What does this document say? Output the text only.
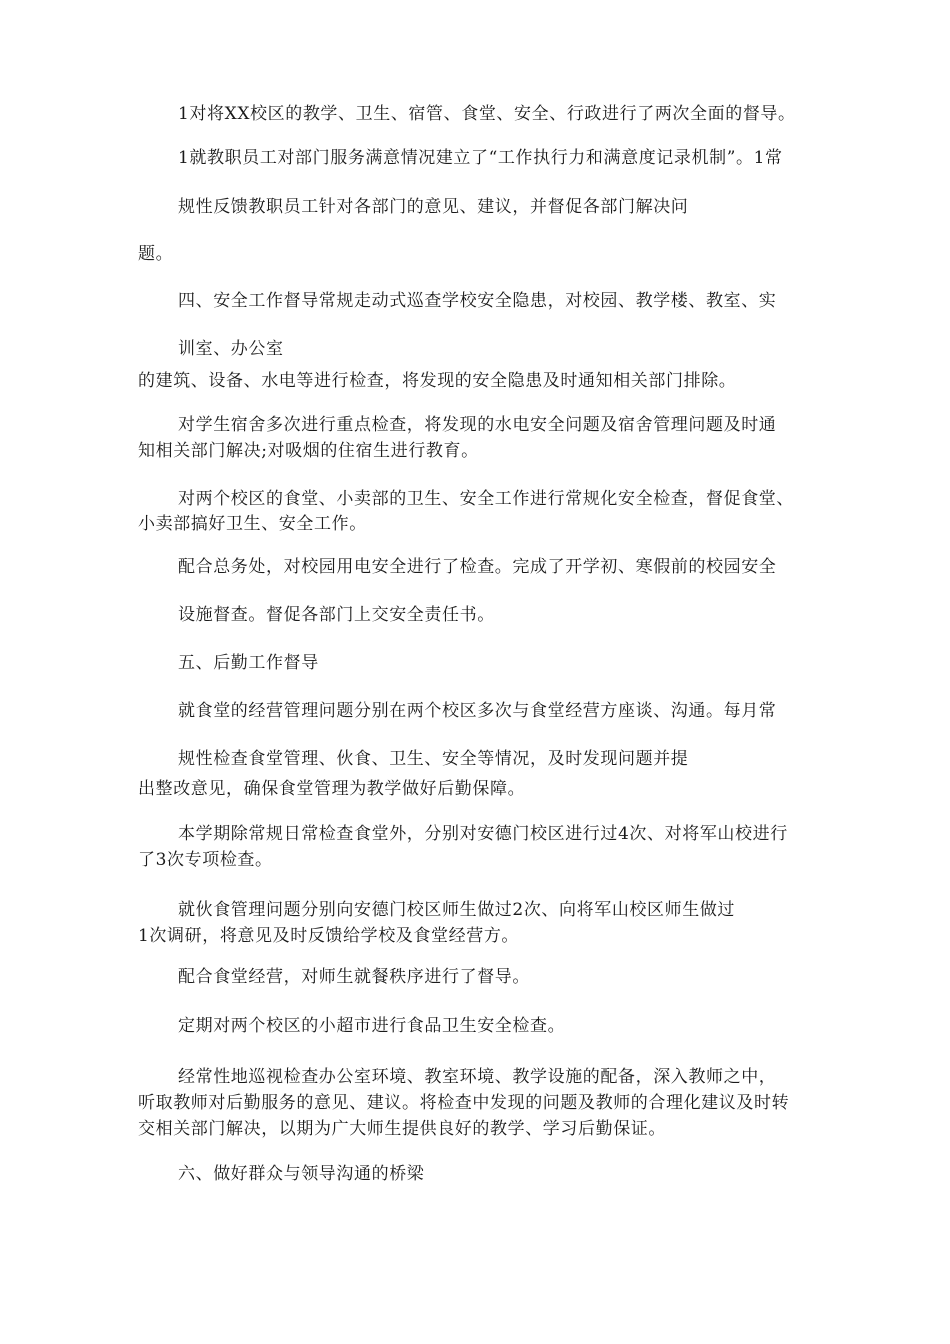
1对将XX校区的教学、卫生、宿管、食堂、安全、行政进行了两次全面的督导。
1就教职员工对部门服务满意情况建立了“工作执行力和满意度记录机制”。1常
规性反馈教职员工针对各部门的意见、建议，并督促各部门解决问
题。
四、安全工作督导常规走动式巡查学校安全隐患，对校园、教学楼、教室、实
训室、办公室
的建筑、设备、水电等进行检查，将发现的安全隐患及时通知相关部门排除。
对学生宿舍多次进行重点检查，将发现的水电安全问题及宿舍管理问题及时通
知相关部门解决;对吸烟的住宿生进行教育。
对两个校区的食堂、小卖部的卫生、安全工作进行常规化安全检查，督促食堂、
小卖部搞好卫生、安全工作。
配合总务处，对校园用电安全进行了检查。完成了开学初、寒假前的校园安全
设施督查。督促各部门上交安全责任书。
五、后勤工作督导
就食堂的经营管理问题分别在两个校区多次与食堂经营方座谈、沟通。每月常
规性检查食堂管理、伙食、卫生、安全等情况，及时发现问题并提
出整改意见，确保食堂管理为教学做好后勤保障。
本学期除常规日常检查食堂外，分别对安德门校区进行过4次、对将军山校进行
了3次专项检查。
就伙食管理问题分别向安德门校区师生做过2次、向将军山校区师生做过
1次调研，将意见及时反馈给学校及食堂经营方。
配合食堂经营，对师生就餐秩序进行了督导。
定期对两个校区的小超市进行食品卫生安全检查。
经常性地巡视检查办公室环境、教室环境、教学设施的配备，深入教师之中，
听取教师对后勤服务的意见、建议。将检查中发现的问题及教师的合理化建议及时转
交相关部门解决，以期为广大师生提供良好的教学、学习后勤保证。
六、做好群众与领导沟通的桥梁
